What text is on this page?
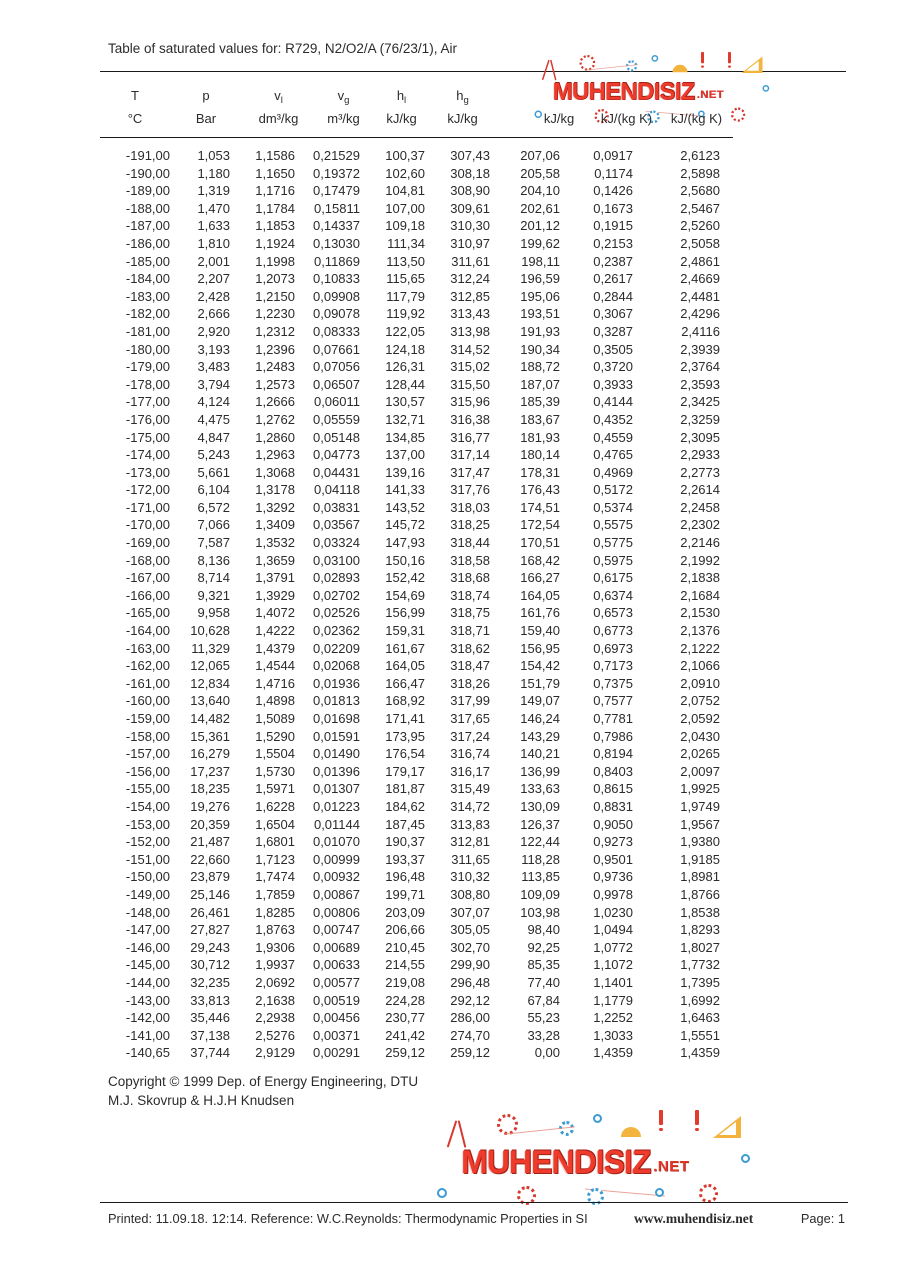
Table of saturated values for: R729, N2/O2/A (76/23/1), Air
MUHENDISIZ .NET
T	p	$v_l$	$v_g$	$h_l$	$h_g$
°C	Bar	dm³/kg	m³/kg	kJ/kg	kJ/kg	kJ/kg	kJ/(kg K)	kJ/(kg K)
-191,00	1,053	1,1586	0,21529	100,37	307,43	207,06	0,0917	2,6123
-190,00	1,180	1,1650	0,19372	102,60	308,18	205,58	0,1174	2,5898
-189,00	1,319	1,1716	0,17479	104,81	308,90	204,10	0,1426	2,5680
-188,00	1,470	1,1784	0,15811	107,00	309,61	202,61	0,1673	2,5467
-187,00	1,633	1,1853	0,14337	109,18	310,30	201,12	0,1915	2,5260
-186,00	1,810	1,1924	0,13030	111,34	310,97	199,62	0,2153	2,5058
-185,00	2,001	1,1998	0,11869	113,50	311,61	198,11	0,2387	2,4861
-184,00	2,207	1,2073	0,10833	115,65	312,24	196,59	0,2617	2,4669
-183,00	2,428	1,2150	0,09908	117,79	312,85	195,06	0,2844	2,4481
-182,00	2,666	1,2230	0,09078	119,92	313,43	193,51	0,3067	2,4296
-181,00	2,920	1,2312	0,08333	122,05	313,98	191,93	0,3287	2,4116
-180,00	3,193	1,2396	0,07661	124,18	314,52	190,34	0,3505	2,3939
-179,00	3,483	1,2483	0,07056	126,31	315,02	188,72	0,3720	2,3764
-178,00	3,794	1,2573	0,06507	128,44	315,50	187,07	0,3933	2,3593
-177,00	4,124	1,2666	0,06011	130,57	315,96	185,39	0,4144	2,3425
-176,00	4,475	1,2762	0,05559	132,71	316,38	183,67	0,4352	2,3259
-175,00	4,847	1,2860	0,05148	134,85	316,77	181,93	0,4559	2,3095
-174,00	5,243	1,2963	0,04773	137,00	317,14	180,14	0,4765	2,2933
-173,00	5,661	1,3068	0,04431	139,16	317,47	178,31	0,4969	2,2773
-172,00	6,104	1,3178	0,04118	141,33	317,76	176,43	0,5172	2,2614
-171,00	6,572	1,3292	0,03831	143,52	318,03	174,51	0,5374	2,2458
-170,00	7,066	1,3409	0,03567	145,72	318,25	172,54	0,5575	2,2302
-169,00	7,587	1,3532	0,03324	147,93	318,44	170,51	0,5775	2,2146
-168,00	8,136	1,3659	0,03100	150,16	318,58	168,42	0,5975	2,1992
-167,00	8,714	1,3791	0,02893	152,42	318,68	166,27	0,6175	2,1838
-166,00	9,321	1,3929	0,02702	154,69	318,74	164,05	0,6374	2,1684
-165,00	9,958	1,4072	0,02526	156,99	318,75	161,76	0,6573	2,1530
-164,00	10,628	1,4222	0,02362	159,31	318,71	159,40	0,6773	2,1376
-163,00	11,329	1,4379	0,02209	161,67	318,62	156,95	0,6973	2,1222
-162,00	12,065	1,4544	0,02068	164,05	318,47	154,42	0,7173	2,1066
-161,00	12,834	1,4716	0,01936	166,47	318,26	151,79	0,7375	2,0910
-160,00	13,640	1,4898	0,01813	168,92	317,99	149,07	0,7577	2,0752
-159,00	14,482	1,5089	0,01698	171,41	317,65	146,24	0,7781	2,0592
-158,00	15,361	1,5290	0,01591	173,95	317,24	143,29	0,7986	2,0430
-157,00	16,279	1,5504	0,01490	176,54	316,74	140,21	0,8194	2,0265
-156,00	17,237	1,5730	0,01396	179,17	316,17	136,99	0,8403	2,0097
-155,00	18,235	1,5971	0,01307	181,87	315,49	133,63	0,8615	1,9925
-154,00	19,276	1,6228	0,01223	184,62	314,72	130,09	0,8831	1,9749
-153,00	20,359	1,6504	0,01144	187,45	313,83	126,37	0,9050	1,9567
-152,00	21,487	1,6801	0,01070	190,37	312,81	122,44	0,9273	1,9380
-151,00	22,660	1,7123	0,00999	193,37	311,65	118,28	0,9501	1,9185
-150,00	23,879	1,7474	0,00932	196,48	310,32	113,85	0,9736	1,8981
-149,00	25,146	1,7859	0,00867	199,71	308,80	109,09	0,9978	1,8766
-148,00	26,461	1,8285	0,00806	203,09	307,07	103,98	1,0230	1,8538
-147,00	27,827	1,8763	0,00747	206,66	305,05	98,40	1,0494	1,8293
-146,00	29,243	1,9306	0,00689	210,45	302,70	92,25	1,0772	1,8027
-145,00	30,712	1,9937	0,00633	214,55	299,90	85,35	1,1072	1,7732
-144,00	32,235	2,0692	0,00577	219,08	296,48	77,40	1,1401	1,7395
-143,00	33,813	2,1638	0,00519	224,28	292,12	67,84	1,1779	1,6992
-142,00	35,446	2,2938	0,00456	230,77	286,00	55,23	1,2252	1,6463
-141,00	37,138	2,5276	0,00371	241,42	274,70	33,28	1,3033	1,5551
-140,65	37,744	2,9129	0,00291	259,12	259,12	0,00	1,4359	1,4359
Copyright © 1999 Dep. of Energy Engineering, DTU
M.J. Skovrup & H.J.H Knudsen
MUHENDISIZ .NET
Printed: 11.09.18. 12:14. Reference: W.C.Reynolds: Thermodynamic Properties in SI	www.muhendisiz.net	Page: 1
